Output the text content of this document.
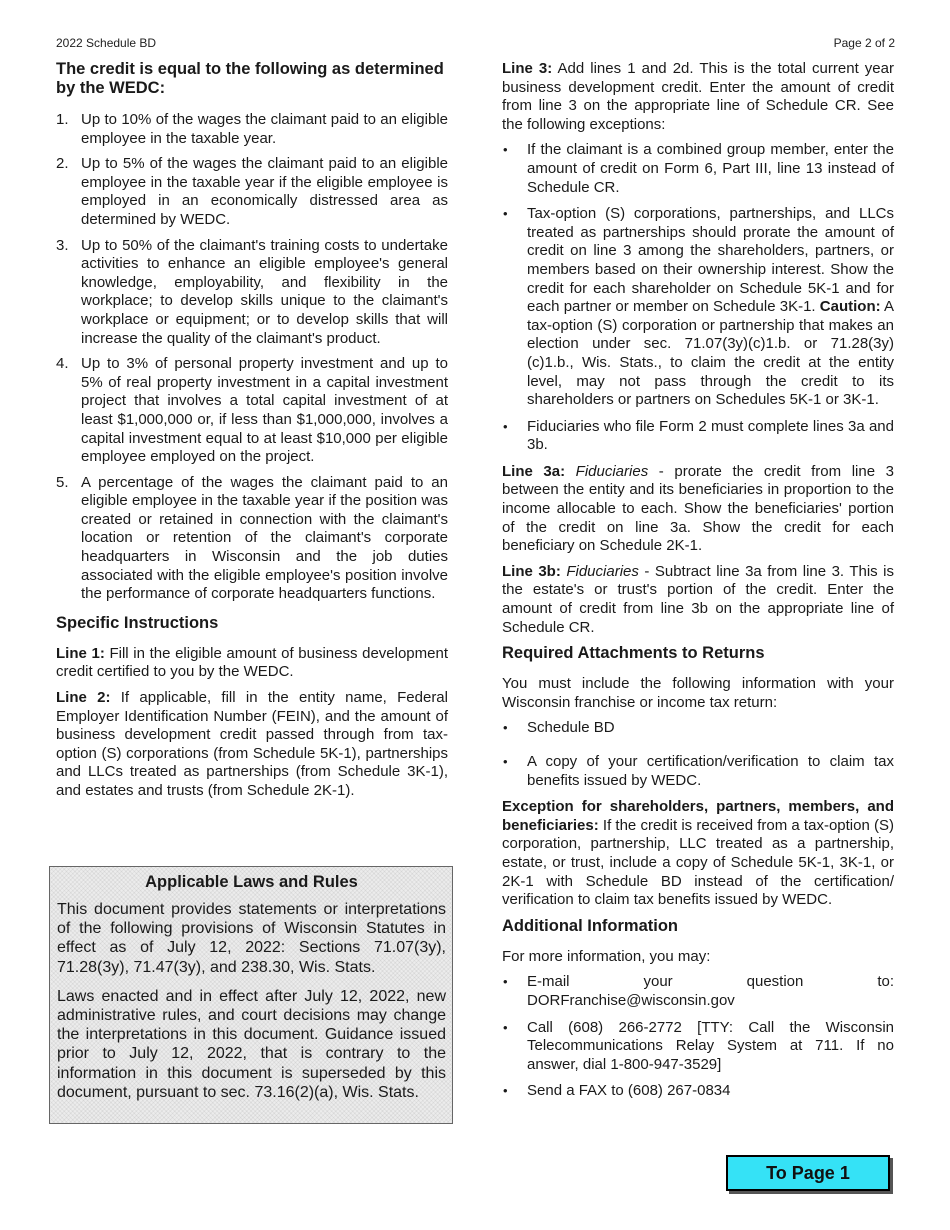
2022 Schedule BD	Page 2 of 2
The credit is equal to the following as determined by the WEDC:
1. Up to 10% of the wages the claimant paid to an eligible employee in the taxable year.
2. Up to 5% of the wages the claimant paid to an eligible employee in the taxable year if the eligible employee is employed in an economically distressed area as determined by WEDC.
3. Up to 50% of the claimant's training costs to undertake activities to enhance an eligible employee's general knowledge, employability, and flexibility in the workplace; to develop skills unique to the claimant's workplace or equipment; or to develop skills that will increase the quality of the claimant's product.
4. Up to 3% of personal property investment and up to 5% of real property investment in a capital investment project that involves a total capital investment of at least $1,000,000 or, if less than $1,000,000, involves a capital investment equal to at least $10,000 per eligible employee employed on the project.
5. A percentage of the wages the claimant paid to an eligible employee in the taxable year if the position was created or retained in connection with the claimant's location or retention of the claimant's corporate headquarters in Wisconsin and the job duties associated with the eligible employee's position involve the performance of corporate headquarters functions.
Specific Instructions

Line 1: Fill in the eligible amount of business development credit certified to you by the WEDC.

Line 2: If applicable, fill in the entity name, Federal Employer Identification Number (FEIN), and the amount of business development credit passed through from tax-option (S) corporations (from Schedule 5K-1), partnerships and LLCs treated as partnerships (from Schedule 3K-1), and estates and trusts (from Schedule 2K-1).

Applicable Laws and Rules

This document provides statements or interpretations of the following provisions of Wisconsin Statutes in effect as of July 12, 2022: Sections 71.07(3y), 71.28(3y), 71.47(3y), and 238.30, Wis. Stats.

Laws enacted and in effect after July 12, 2022, new administrative rules, and court decisions may change the interpretations in this document. Guidance issued prior to July 12, 2022, that is contrary to the information in this document is superseded by this document, pursuant to sec. 73.16(2)(a), Wis. Stats.

Line 3: Add lines 1 and 2d. This is the total current year business development credit. Enter the amount of credit from line 3 on the appropriate line of Schedule CR. See the following exceptions:

• If the claimant is a combined group member, enter the amount of credit on Form 6, Part III, line 13 instead of Schedule CR.
• Tax-option (S) corporations, partnerships, and LLCs treated as partnerships should prorate the amount of credit on line 3 among the shareholders, partners, or members based on their ownership interest. Show the credit for each shareholder on Schedule 5K-1 and for each partner or member on Schedule 3K-1. Caution: A tax-option (S) corporation or partnership that makes an election under sec. 71.07(3y)(c)1.b. or 71.28(3y)(c)1.b., Wis. Stats., to claim the credit at the entity level, may not pass through the credit to its shareholders or partners on Schedules 5K-1 or 3K-1.
• Fiduciaries who file Form 2 must complete lines 3a and 3b.

Line 3a: Fiduciaries - prorate the credit from line 3 between the entity and its beneficiaries in proportion to the income allocable to each. Show the beneficiaries' portion of the credit on line 3a. Show the credit for each beneficiary on Schedule 2K-1.

Line 3b: Fiduciaries - Subtract line 3a from line 3. This is the estate's or trust's portion of the credit. Enter the amount of credit from line 3b on the appropriate line of Schedule CR.

Required Attachments to Returns

You must include the following information with your Wisconsin franchise or income tax return:

• Schedule BD
• A copy of your certification/verification to claim tax benefits issued by WEDC.

Exception for shareholders, partners, members, and beneficiaries: If the credit is received from a tax-option (S) corporation, partnership, LLC treated as a partnership, estate, or trust, include a copy of Schedule 5K-1, 3K-1, or 2K-1 with Schedule BD instead of the certification/ verification to claim tax benefits issued by WEDC.

Additional Information

For more information, you may:

• E-mail your question to: DORFranchise@wisconsin.gov
• Call (608) 266-2772 [TTY: Call the Wisconsin Telecommunications Relay System at 711. If no answer, dial 1-800-947-3529]
• Send a FAX to (608) 267-0834
To Page 1
